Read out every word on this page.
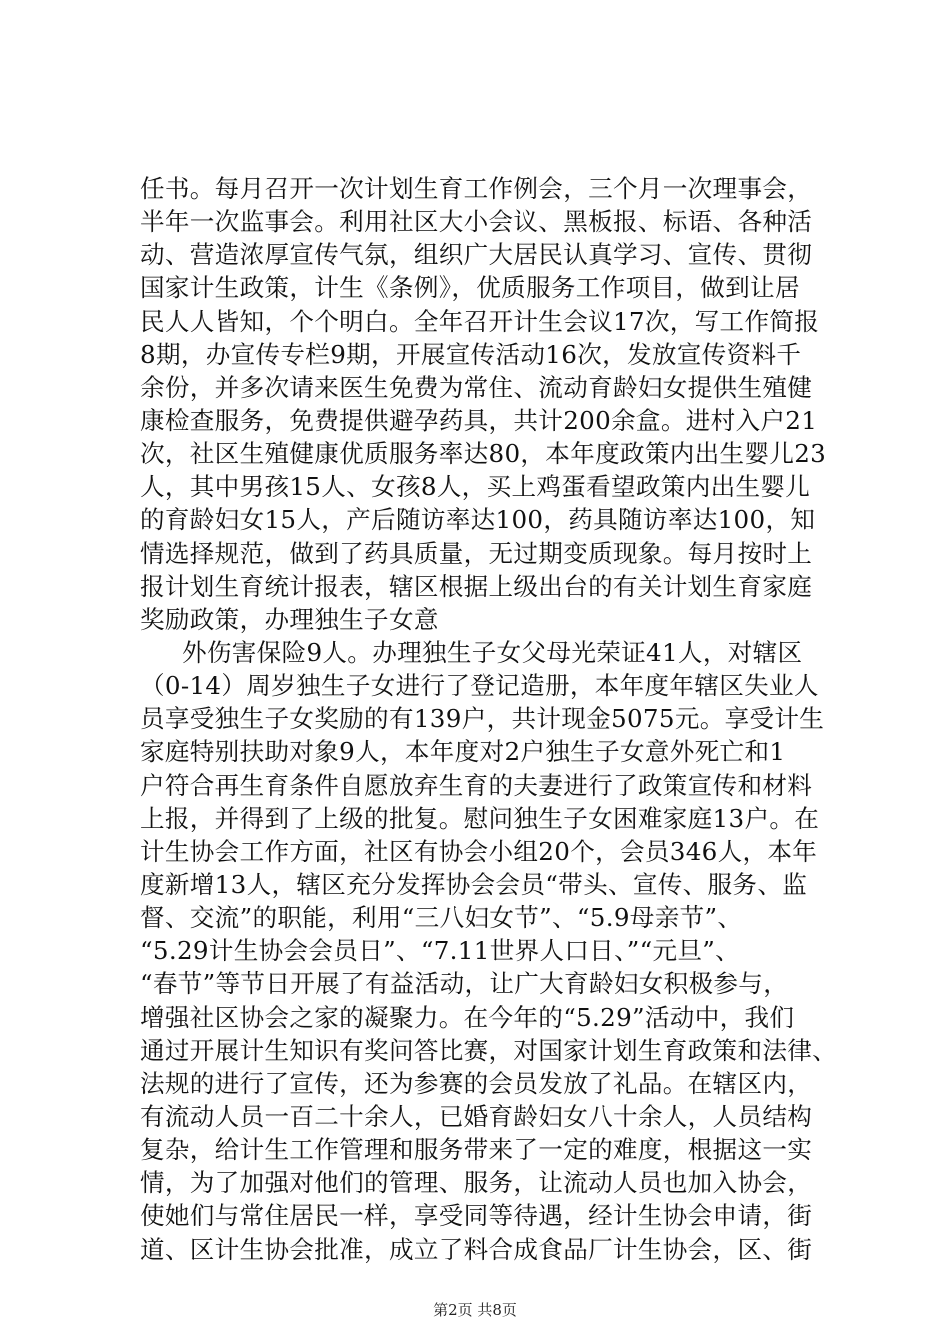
任书。每月召开一次计划生育工作例会，三个月一次理事会，
半年一次监事会。利用社区大小会议、黑板报、标语、各种活
动、营造浓厚宣传气氛，组织广大居民认真学习、宣传、贯彻
国家计生政策，计生《条例》，优质服务工作项目，做到让居
民人人皆知，个个明白。全年召开计生会议17次，写工作简报
8期，办宣传专栏9期，开展宣传活动16次，发放宣传资料千
余份，并多次请来医生免费为常住、流动育龄妇女提供生殖健
康检查服务，免费提供避孕药具，共计200余盒。进村入户21
次，社区生殖健康优质服务率达80，本年度政策内出生婴儿23
人，其中男孩15人、女孩8人，买上鸡蛋看望政策内出生婴儿
的育龄妇女15人，产后随访率达100，药具随访率达100，知
情选择规范，做到了药具质量，无过期变质现象。每月按时上
报计划生育统计报表，辖区根据上级出台的有关计划生育家庭
奖励政策，办理独生子女意
外伤害保险9人。办理独生子女父母光荣证41人，对辖区
（0-14）周岁独生子女进行了登记造册，本年度年辖区失业人
员享受独生子女奖励的有139户，共计现金5075元。享受计生
家庭特别扶助对象9人，本年度对2户独生子女意外死亡和1
户符合再生育条件自愿放弃生育的夫妻进行了政策宣传和材料
上报，并得到了上级的批复。慰问独生子女困难家庭13户。在
计生协会工作方面，社区有协会小组20个，会员346人，本年
度新增13人，辖区充分发挥协会会员“带头、宣传、服务、监
督、交流”的职能，利用“三八妇女节”、“5.9母亲节”、
“5.29计生协会会员日”、“7.11世界人口日、”“元旦”、
“春节”等节日开展了有益活动，让广大育龄妇女积极参与，
增强社区协会之家的凝聚力。在今年的“5.29”活动中，我们
通过开展计生知识有奖问答比赛，对国家计划生育政策和法律、
法规的进行了宣传，还为参赛的会员发放了礼品。在辖区内，
有流动人员一百二十余人，已婚育龄妇女八十余人，人员结构
复杂，给计生工作管理和服务带来了一定的难度，根据这一实
情，为了加强对他们的管理、服务，让流动人员也加入协会，
使她们与常住居民一样，享受同等待遇，经计生协会申请，街
道、区计生协会批准，成立了料合成食品厂计生协会，区、街
第2页 共8页
